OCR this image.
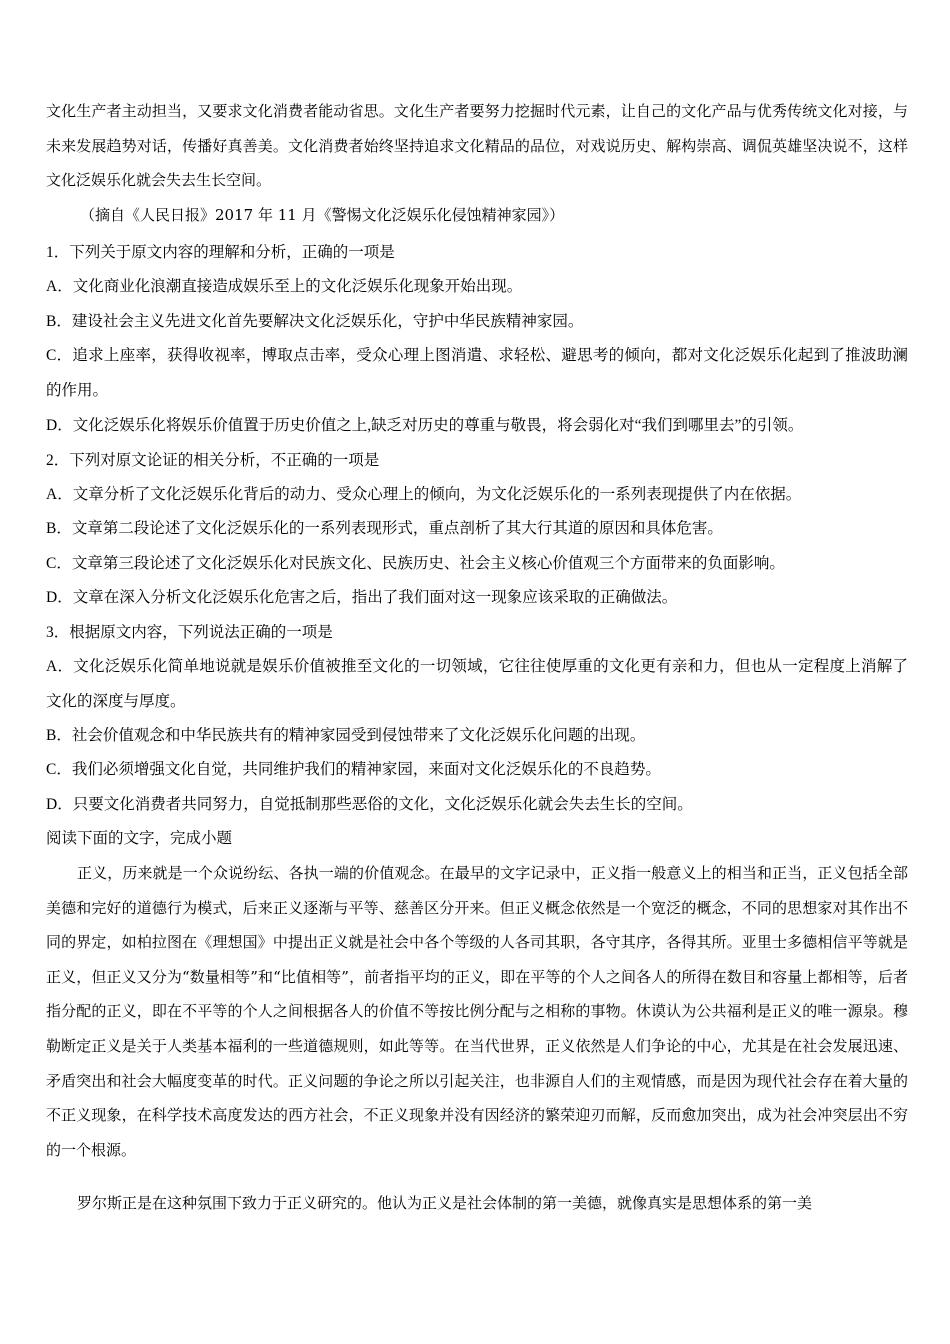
文化生产者主动担当，又要求文化消费者能动省思。文化生产者要努力挖掘时代元素，让自己的文化产品与优秀传统文化对接，与未来发展趋势对话，传播好真善美。文化消费者始终坚持追求文化精品的品位，对戏说历史、解构崇高、调侃英雄坚决说不，这样文化泛娱乐化就会失去生长空间。

（摘自《人民日报》2017 年 11 月《警惕文化泛娱乐化侵蚀精神家园》）

1．下列关于原文内容的理解和分析，正确的一项是

A．文化商业化浪潮直接造成娱乐至上的文化泛娱乐化现象开始出现。

B．建设社会主义先进文化首先要解决文化泛娱乐化，守护中华民族精神家园。

C．追求上座率，获得收视率，博取点击率，受众心理上图消遣、求轻松、避思考的倾向，都对文化泛娱乐化起到了推波助澜的作用。

D．文化泛娱乐化将娱乐价值置于历史价值之上,缺乏对历史的尊重与敬畏，将会弱化对“我们到哪里去”的引领。

2．下列对原文论证的相关分析，不正确的一项是

A．文章分析了文化泛娱乐化背后的动力、受众心理上的倾向，为文化泛娱乐化的一系列表现提供了内在依据。

B．文章第二段论述了文化泛娱乐化的一系列表现形式，重点剖析了其大行其道的原因和具体危害。

C．文章第三段论述了文化泛娱乐化对民族文化、民族历史、社会主义核心价值观三个方面带来的负面影响。

D．文章在深入分析文化泛娱乐化危害之后，指出了我们面对这一现象应该采取的正确做法。

3．根据原文内容，下列说法正确的一项是

A．文化泛娱乐化简单地说就是娱乐价值被推至文化的一切领域，它往往使厚重的文化更有亲和力，但也从一定程度上消解了文化的深度与厚度。

B．社会价值观念和中华民族共有的精神家园受到侵蚀带来了文化泛娱乐化问题的出现。

C．我们必须增强文化自觉，共同维护我们的精神家园，来面对文化泛娱乐化的不良趋势。

D．只要文化消费者共同努力，自觉抵制那些恶俗的文化，文化泛娱乐化就会失去生长的空间。

阅读下面的文字，完成小题

正义，历来就是一个众说纷纭、各执一端的价值观念。在最早的文字记录中，正义指一般意义上的相当和正当，正义包括全部美德和完好的道德行为模式，后来正义逐渐与平等、慈善区分开来。但正义概念依然是一个宽泛的概念，不同的思想家对其作出不同的界定，如柏拉图在《理想国》中提出正义就是社会中各个等级的人各司其职，各守其序，各得其所。亚里士多德相信平等就是正义，但正义又分为“数量相等”和“比值相等”，前者指平均的正义，即在平等的个人之间各人的所得在数目和容量上都相等，后者指分配的正义，即在不平等的个人之间根据各人的价值不等按比例分配与之相称的事物。休谟认为公共福利是正义的唯一源泉。穆勒断定正义是关于人类基本福利的一些道德规则，如此等等。在当代世界，正义依然是人们争论的中心，尤其是在社会发展迅速、矛盾突出和社会大幅度变革的时代。正义问题的争论之所以引起关注，也非源自人们的主观情感，而是因为现代社会存在着大量的不正义现象，在科学技术高度发达的西方社会，不正义现象并没有因经济的繁荣迎刃而解，反而愈加突出，成为社会冲突层出不穷的一个根源。

罗尔斯正是在这种氛围下致力于正义研究的。他认为正义是社会体制的第一美德，就像真实是思想体系的第一美
